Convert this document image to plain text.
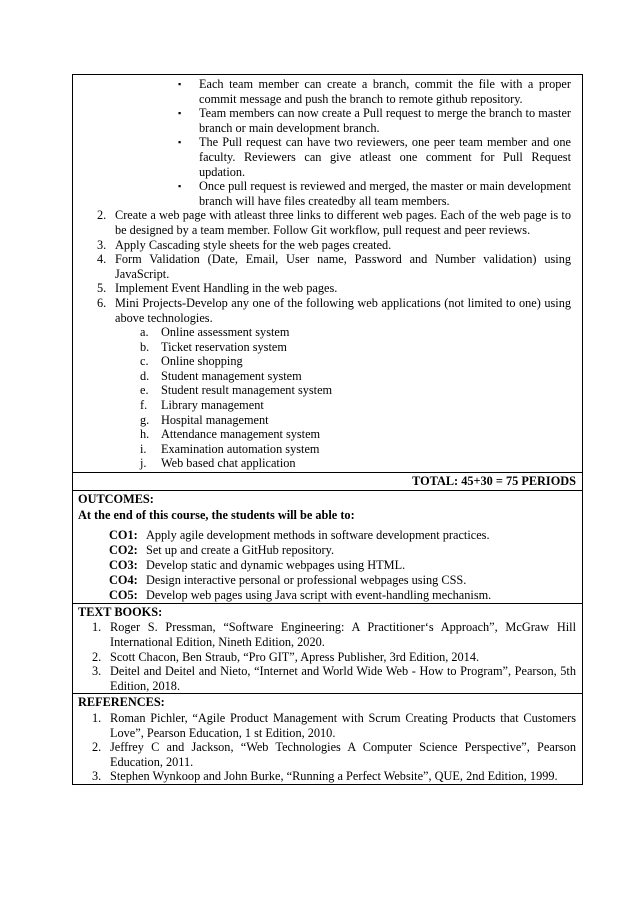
▪ Each team member can create a branch, commit the file with a proper commit message and push the branch to remote github repository.
▪ Team members can now create a Pull request to merge the branch to master branch or main development branch.
▪ The Pull request can have two reviewers, one peer team member and one faculty. Reviewers can give atleast one comment for Pull Request updation.
▪ Once pull request is reviewed and merged, the master or main development branch will have files createdby all team members.
2. Create a web page with atleast three links to different web pages. Each of the web page is to be designed by a team member. Follow Git workflow, pull request and peer reviews.
3. Apply Cascading style sheets for the web pages created.
4. Form Validation (Date, Email, User name, Password and Number validation) using JavaScript.
5. Implement Event Handling in the web pages.
6. Mini Projects-Develop any one of the following web applications (not limited to one) using above technologies.
a. Online assessment system
b. Ticket reservation system
c. Online shopping
d. Student management system
e. Student result management system
f. Library management
g. Hospital management
h. Attendance management system
i. Examination automation system
j. Web based chat application
TOTAL: 45+30 = 75 PERIODS
OUTCOMES:
At the end of this course, the students will be able to:
CO1: Apply agile development methods in software development practices.
CO2: Set up and create a GitHub repository.
CO3: Develop static and dynamic webpages using HTML.
CO4: Design interactive personal or professional webpages using CSS.
CO5: Develop web pages using Java script with event-handling mechanism.
TEXT BOOKS:
1. Roger S. Pressman, “Software Engineering: A Practitioner‘s Approach”, McGraw Hill International Edition, Nineth Edition, 2020.
2. Scott Chacon, Ben Straub, “Pro GIT”, Apress Publisher, 3rd Edition, 2014.
3. Deitel and Deitel and Nieto, “Internet and World Wide Web - How to Program”, Pearson, 5th Edition, 2018.
REFERENCES:
1. Roman Pichler, “Agile Product Management with Scrum Creating Products that Customers Love”, Pearson Education, 1 st Edition, 2010.
2. Jeffrey C and Jackson, “Web Technologies A Computer Science Perspective”, Pearson Education, 2011.
3. Stephen Wynkoop and John Burke, “Running a Perfect Website”, QUE, 2nd Edition, 1999.
